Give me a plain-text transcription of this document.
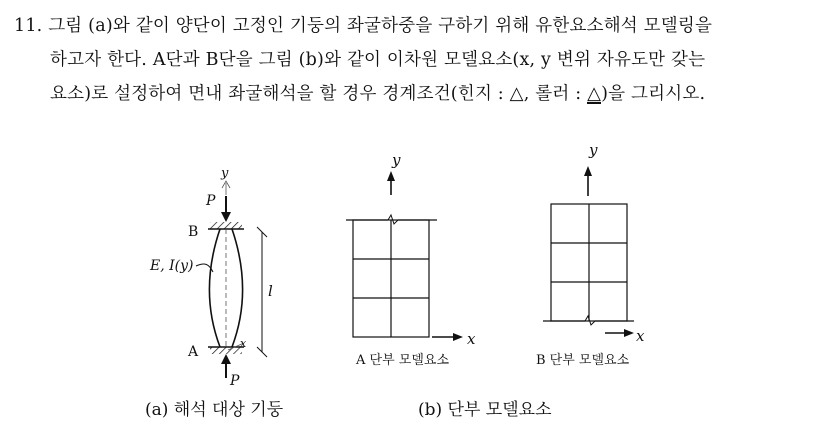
11. 그림 (a)와 같이 양단이 고정인 기둥의 좌굴하중을 구하기 위해 유한요소해석 모델링을
하고자 한다. A단과 B단을 그림 (b)와 같이 이차원 모델요소(x, y 변위 자유도만 갖는
요소)로 설정하여 면내 좌굴해석을 할 경우 경계조건(힌지 : △, 롤러 : △)을 그리시오.
y
P
B
E, I(y)
l
A
x
P
y
x
A 단부 모델요소
y
x
B 단부 모델요소
(a) 해석 대상 기둥	(b) 단부 모델요소
